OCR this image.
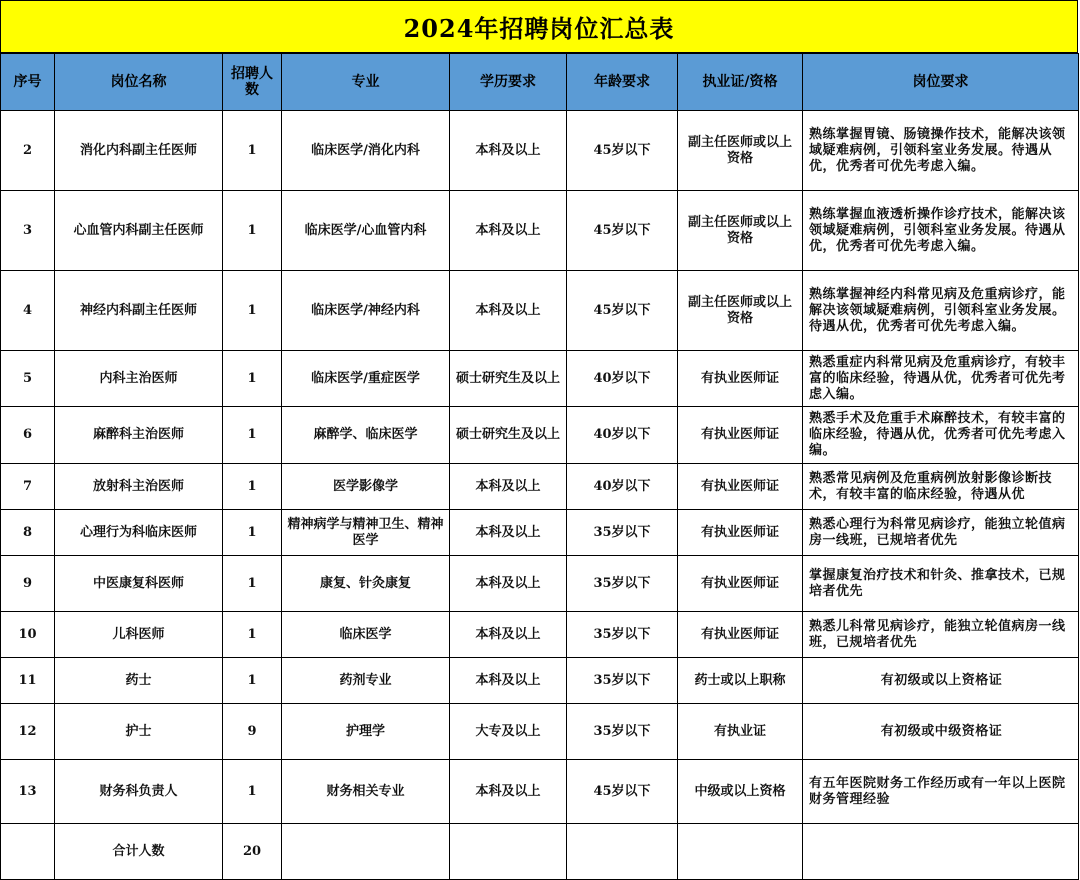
2024年招聘岗位汇总表
序号	岗位名称	招聘人数	专业	学历要求	年龄要求	执业证/资格	岗位要求
2	消化内科副主任医师	1	临床医学/消化内科	本科及以上	45岁以下	副主任医师或以上资格	熟练掌握胃镜、肠镜操作技术，能解决该领域疑难病例，引领科室业务发展。待遇从优，优秀者可优先考虑入编。
3	心血管内科副主任医师	1	临床医学/心血管内科	本科及以上	45岁以下	副主任医师或以上资格	熟练掌握血液透析操作诊疗技术，能解决该领域疑难病例，引领科室业务发展。待遇从优，优秀者可优先考虑入编。
4	神经内科副主任医师	1	临床医学/神经内科	本科及以上	45岁以下	副主任医师或以上资格	熟练掌握神经内科常见病及危重病诊疗，能解决该领域疑难病例，引领科室业务发展。待遇从优，优秀者可优先考虑入编。
5	内科主治医师	1	临床医学/重症医学	硕士研究生及以上	40岁以下	有执业医师证	熟悉重症内科常见病及危重病诊疗，有较丰富的临床经验，待遇从优，优秀者可优先考虑入编。
6	麻醉科主治医师	1	麻醉学、临床医学	硕士研究生及以上	40岁以下	有执业医师证	熟悉手术及危重手术麻醉技术，有较丰富的临床经验，待遇从优，优秀者可优先考虑入编。
7	放射科主治医师	1	医学影像学	本科及以上	40岁以下	有执业医师证	熟悉常见病例及危重病例放射影像诊断技术，有较丰富的临床经验，待遇从优
8	心理行为科临床医师	1	精神病学与精神卫生、精神医学	本科及以上	35岁以下	有执业医师证	熟悉心理行为科常见病诊疗，能独立轮值病房一线班，已规培者优先
9	中医康复科医师	1	康复、针灸康复	本科及以上	35岁以下	有执业医师证	掌握康复治疗技术和针灸、推拿技术，已规培者优先
10	儿科医师	1	临床医学	本科及以上	35岁以下	有执业医师证	熟悉儿科常见病诊疗，能独立轮值病房一线班，已规培者优先
11	药士	1	药剂专业	本科及以上	35岁以下	药士或以上职称	有初级或以上资格证
12	护士	9	护理学	大专及以上	35岁以下	有执业证	有初级或中级资格证
13	财务科负责人	1	财务相关专业	本科及以上	45岁以下	中级或以上资格	有五年医院财务工作经历或有一年以上医院财务管理经验
	合计人数	20					
